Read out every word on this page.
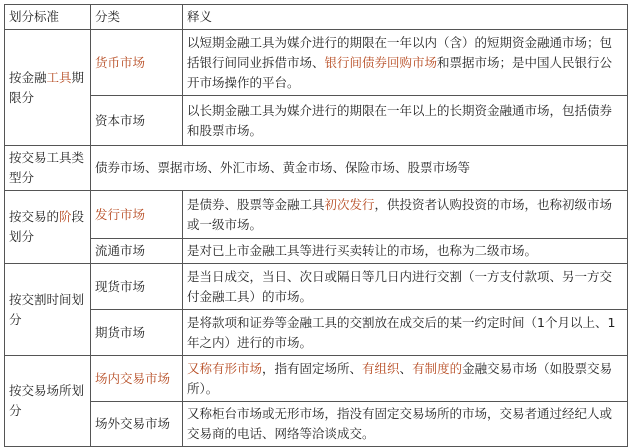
划分标准	分类	释义
按金融工具期限分	货币市场	以短期金融工具为媒介进行的期限在一年以内（含）的短期资金融通市场；包括银行间同业拆借市场、银行间债券回购市场和票据市场；是中国人民银行公开市场操作的平台。
	资本市场	以长期金融工具为媒介进行的期限在一年以上的长期资金融通市场，包括债券和股票市场。
按交易工具类型分	债券市场、票据市场、外汇市场、黄金市场、保险市场、股票市场等	
按交易的阶段划分	发行市场	是债券、股票等金融工具初次发行，供投资者认购投资的市场，也称初级市场或一级市场。
	流通市场	是对已上市金融工具等进行买卖转让的市场，也称为二级市场。
按交割时间划分	现货市场	是当日成交，当日、次日或隔日等几日内进行交割（一方支付款项、另一方交付金融工具）的市场。
	期货市场	是将款项和证券等金融工具的交割放在成交后的某一约定时间（1个月以上、1年之内）进行的市场。
按交易场所划分	场内交易市场	又称有形市场，指有固定场所、有组织、有制度的金融交易市场（如股票交易所）。
	场外交易市场	又称柜台市场或无形市场，指没有固定交易场所的市场，交易者通过经纪人或交易商的电话、网络等洽谈成交。
